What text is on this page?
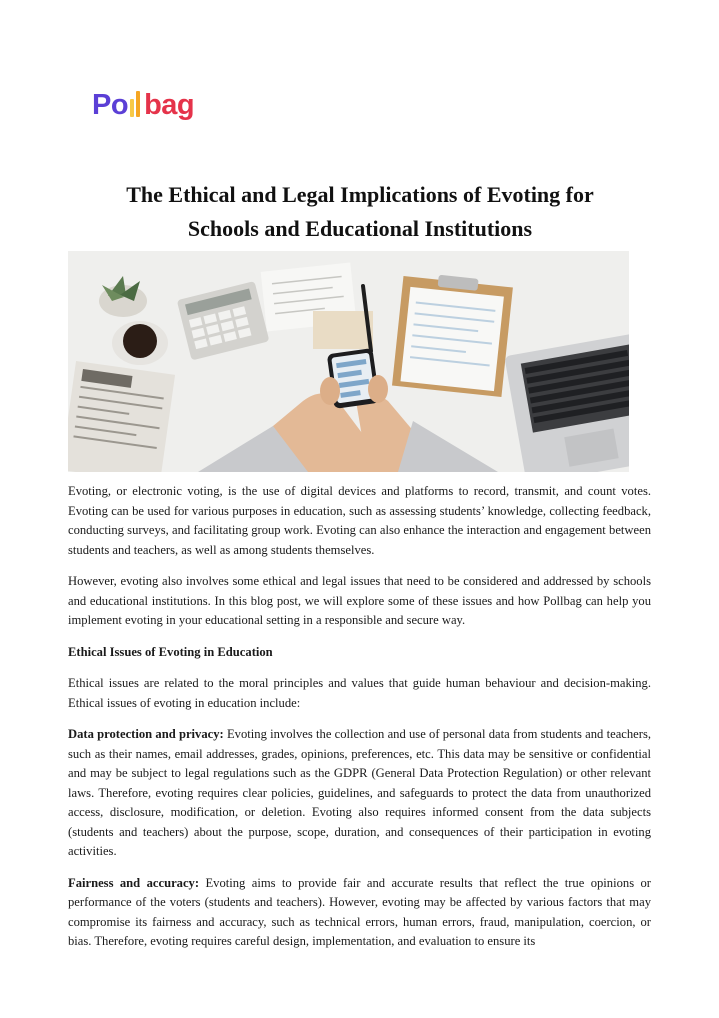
Po bag
The Ethical and Legal Implications of Evoting for
Schools and Educational Institutions

Evoting, or electronic voting, is the use of digital devices and platforms to record, transmit, and count votes. Evoting can be used for various purposes in education, such as assessing students’ knowledge, collecting feedback, conducting surveys, and facilitating group work. Evoting can also enhance the interaction and engagement between students and teachers, as well as among students themselves.

However, evoting also involves some ethical and legal issues that need to be considered and addressed by schools and educational institutions. In this blog post, we will explore some of these issues and how Pollbag can help you implement evoting in your educational setting in a responsible and secure way.

Ethical Issues of Evoting in Education

Ethical issues are related to the moral principles and values that guide human behaviour and decision-making. Ethical issues of evoting in education include:

Data protection and privacy: Evoting involves the collection and use of personal data from students and teachers, such as their names, email addresses, grades, opinions, preferences, etc. This data may be sensitive or confidential and may be subject to legal regulations such as the GDPR (General Data Protection Regulation) or other relevant laws. Therefore, evoting requires clear policies, guidelines, and safeguards to protect the data from unauthorized access, disclosure, modification, or deletion. Evoting also requires informed consent from the data subjects (students and teachers) about the purpose, scope, duration, and consequences of their participation in evoting activities.

Fairness and accuracy: Evoting aims to provide fair and accurate results that reflect the true opinions or performance of the voters (students and teachers). However, evoting may be affected by various factors that may compromise its fairness and accuracy, such as technical errors, human errors, fraud, manipulation, coercion, or bias. Therefore, evoting requires careful design, implementation, and evaluation to ensure its
